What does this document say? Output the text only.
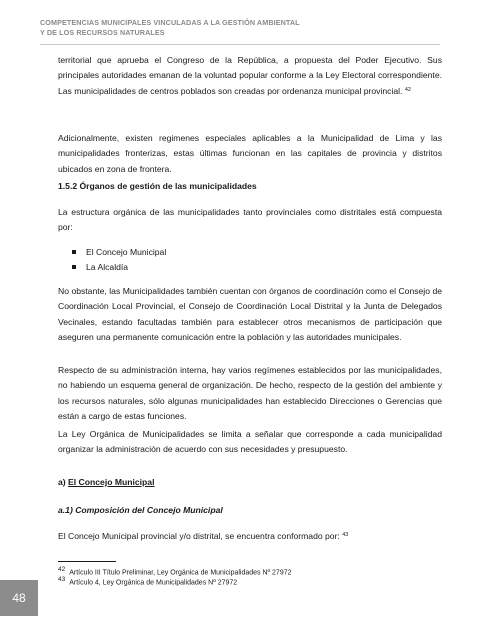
COMPETENCIAS MUNICIPALES VINCULADAS A LA GESTIÓN AMBIENTAL
Y DE LOS RECURSOS NATURALES

territorial que aprueba el Congreso de la República, a propuesta del Poder Ejecutivo. Sus principales autoridades emanan de la voluntad popular conforme a la Ley Electoral correspondiente. Las municipalidades de centros poblados son creadas por ordenanza municipal provincial. $^{42}$

Adicionalmente, existen regimenes especiales aplicables a la Municipalidad de Lima y las municipalidades fronterizas, estas últimas funcionan en las capitales de provincia y distritos ubicados en zona de frontera.

1.5.2 Órganos de gestión de las municipalidades

La estructura orgánica de las municipalidades tanto provinciales como distritales está compuesta por:

El Concejo Municipal
La Alcaldía

No obstante, las Municipalidades también cuentan con órganos de coordinación como el Consejo de Coordinación Local Provincial, el Consejo de Coordinación Local Distrital y la Junta de Delegados Vecinales, estando facultadas también para establecer otros mecanismos de participación que aseguren una permanente comunicación entre la población y las autoridades municipales.

Respecto de su administración interna, hay varios regímenes establecidos por las municipalidades, no habiendo un esquema general de organización. De hecho, respecto de la gestión del ambiente y los recursos naturales, sólo algunas municipalidades han establecido Direcciones o Gerencias que están a cargo de estas funciones.

La Ley Orgánica de Municipalidades se limita a señalar que corresponde a cada municipalidad organizar la administración de acuerdo con sus necesidades y presupuesto.

a) El Concejo Municipal
a.1) Composición del Concejo Municipal

El Concejo Municipal provincial y/o distrital, se encuentra conformado por: $^{43}$

$^{42}$ Artículo III Título Preliminar, Ley Orgánica de Municipalidades Nº 27972
$^{43}$ Artículo 4, Ley Orgánica de Municipalidades Nº 27972
48
